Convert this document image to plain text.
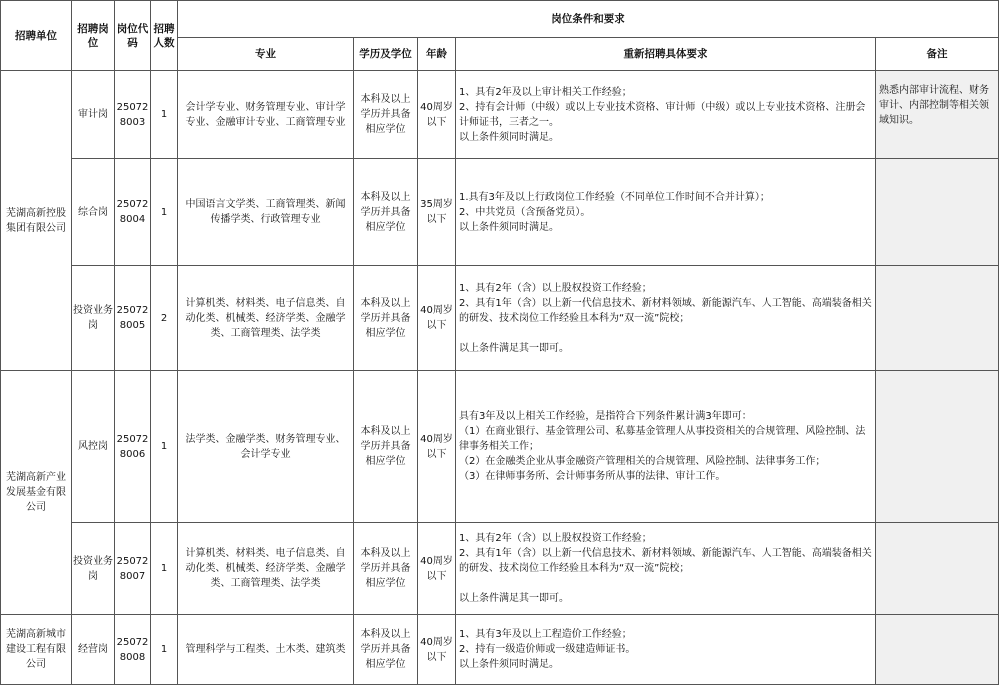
招聘单位	招聘岗位	岗位代码	招聘人数	岗位条件和要求				
				专业	学历及学位	年龄	重新招聘具体要求	备注
芜湖高新控股集团有限公司	审计岗	250728003	1	会计学专业、财务管理专业、审计学专业、金融审计专业、工商管理专业	本科及以上学历并具备相应学位	40周岁以下	1、具有2年及以上审计相关工作经验；
2、持有会计师（中级）或以上专业技术资格、审计师（中级）或以上专业技术资格、注册会计师证书，三者之一。
以上条件须同时满足。	熟悉内部审计流程、财务审计、内部控制等相关领域知识。
	综合岗	250728004	1	中国语言文学类、工商管理类、新闻传播学类、行政管理专业	本科及以上学历并具备相应学位	35周岁以下	1.具有3年及以上行政岗位工作经验（不同单位工作时间不合并计算）；
2、中共党员（含预备党员）。
以上条件须同时满足。	
	投资业务岗	250728005	2	计算机类、材料类、电子信息类、自动化类、机械类、经济学类、金融学类、工商管理类、法学类	本科及以上学历并具备相应学位	40周岁以下	1、具有2年（含）以上股权投资工作经验；
2、具有1年（含）以上新一代信息技术、新材料领域、新能源汽车、人工智能、高端装备相关的研发、技术岗位工作经验且本科为“双一流”院校；

以上条件满足其一即可。	
芜湖高新产业发展基金有限公司	风控岗	250728006	1	法学类、金融学类、财务管理专业、会计学专业	本科及以上学历并具备相应学位	40周岁以下	具有3年及以上相关工作经验，是指符合下列条件累计满3年即可：
（1）在商业银行、基金管理公司、私募基金管理人从事投资相关的合规管理、风险控制、法律事务相关工作；
（2）在金融类企业从事金融资产管理相关的合规管理、风险控制、法律事务工作；
（3）在律师事务所、会计师事务所从事的法律、审计工作。	
	投资业务岗	250728007	1	计算机类、材料类、电子信息类、自动化类、机械类、经济学类、金融学类、工商管理类、法学类	本科及以上学历并具备相应学位	40周岁以下	1、具有2年（含）以上股权投资工作经验；
2、具有1年（含）以上新一代信息技术、新材料领域、新能源汽车、人工智能、高端装备相关的研发、技术岗位工作经验且本科为“双一流”院校；

以上条件满足其一即可。	
芜湖高新城市建设工程有限公司	经营岗	250728008	1	管理科学与工程类、土木类、建筑类	本科及以上学历并具备相应学位	40周岁以下	1、具有3年及以上工程造价工作经验；
2、持有一级造价师或一级建造师证书。
以上条件须同时满足。	
